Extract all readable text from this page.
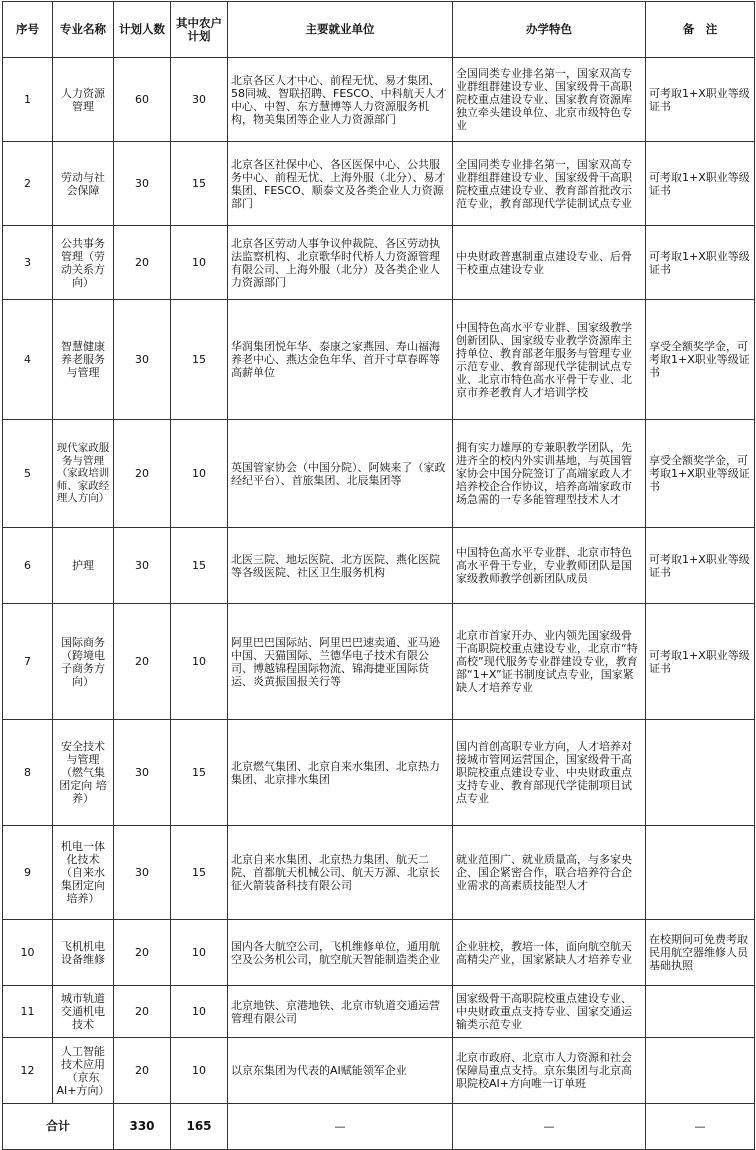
序号	专业名称	计划人数	其中农户计划	主要就业单位	办学特色	备　注
1	人力资源管理	60	30	北京各区人才中心、前程无忧、易才集团、58同城、智联招聘、FESCO、中科航天人才中心、中智、东方慧博等人力资源服务机构，物美集团等企业人力资源部门	全国同类专业排名第一，国家双高专业群组群建设专业、国家级骨干高职院校重点建设专业、国家教育资源库独立牵头建设单位、北京市级特色专业	可考取1+X职业等级证书
2	劳动与社会保障	30	15	北京各区社保中心、各区医保中心、公共服务中心、前程无忧、上海外服（北分）、易才集团、FESCO、顺泰文及各类企业人力资源部门	全国同类专业排名第一，国家双高专业群组群建设专业、国家级骨干高职院校重点建设专业、教育部首批改示范专业，教育部现代学徒制试点专业	可考取1+X职业等级证书
3	公共事务管理（劳动关系方向）	20	10	北京各区劳动人事争议仲裁院、各区劳动执法监察机构、北京歌华时代桥人力资源管理有限公司、上海外服（北分）及各类企业人力资源部门	中央财政普惠制重点建设专业、后骨干校重点建设专业	可考取1+X职业等级证书
4	智慧健康养老服务与管理	30	15	华润集团悦年华、泰康之家燕园、寿山福海养老中心、燕达金色年华、首开寸草春晖等高薪单位	中国特色高水平专业群、国家级教学创新团队、国家级专业教学资源库主持单位、教育部老年服务与管理专业示范专业、教育部现代学徒制试点专业、北京市特色高水平骨干专业、北京市养老教育人才培训学校	享受全额奖学金，可考取1+X职业等级证书
5	现代家政服务与管理（家政培训师、家政经理人方向）	20	10	英国管家协会（中国分院）、阿姨来了（家政经纪平台）、首旅集团、北辰集团等	拥有实力雄厚的专兼职教学团队，先进齐全的校内外实训基地，与英国管家协会中国分院签订了高端家政人才培养校企合作协议，培养高端家政市场急需的一专多能管理型技术人才	享受全额奖学金，可考取1+X职业等级证书
6	护理	30	15	北医三院、地坛医院、北方医院、燕化医院等各级医院、社区卫生服务机构	中国特色高水平专业群、北京市特色高水平骨干专业，专业教师团队是国家级教师教学创新团队成员	可考取1+X职业等级证书
7	国际商务（跨境电子商务方向）	20	10	阿里巴巴国际站、阿里巴巴速卖通、亚马逊中国、天猫国际、兰德华电子技术有限公司、博越锦程国际物流、锦海捷亚国际货运、炎黄振国报关行等	北京市首家开办、业内领先国家级骨干高职院校重点建设专业，北京市“特高校”现代服务专业群建设专业，教育部“1+X”证书制度试点专业，国家紧缺人才培养专业	可考取1+X职业等级证书
8	安全技术与管理（燃气集团定向 培养）	30	15	北京燃气集团、北京自来水集团、北京热力集团、北京排水集团	国内首创高职专业方向，人才培养对接城市管网运营国企，国家级骨干高职院校重点建设专业、中央财政重点支持专业、教育部现代学徒制项目试点专业	
9	机电一体化技术（自来水集团定向培养）	30	15	北京自来水集团、北京热力集团、航天二院、首都航天机械公司、航天万源、北京长征火箭装备科技有限公司	就业范围广、就业质量高，与多家央企、国企紧密合作，联合培养符合企业需求的高素质技能型人才	
10	飞机机电设备维修	20	10	国内各大航空公司，飞机维修单位，通用航空及公务机公司，航空航天智能制造类企业	企业驻校，教培一体，面向航空航天高精尖产业，国家紧缺人才培养专业	在校期间可免费考取民用航空器维修人员基础执照
11	城市轨道交通机电技术	20	10	北京地铁、京港地铁、北京市轨道交通运营管理有限公司	国家级骨干高职院校重点建设专业、中央财政重点支持专业、国家交通运输类示范专业	
12	人工智能技术应用（京东AI+方向）	20	10	以京东集团为代表的AI赋能领军企业	北京市政府、北京市人力资源和社会保障局重点支持。京东集团与北京高职院校AI+方向唯一订单班	
合计		330	165	—	—	—
